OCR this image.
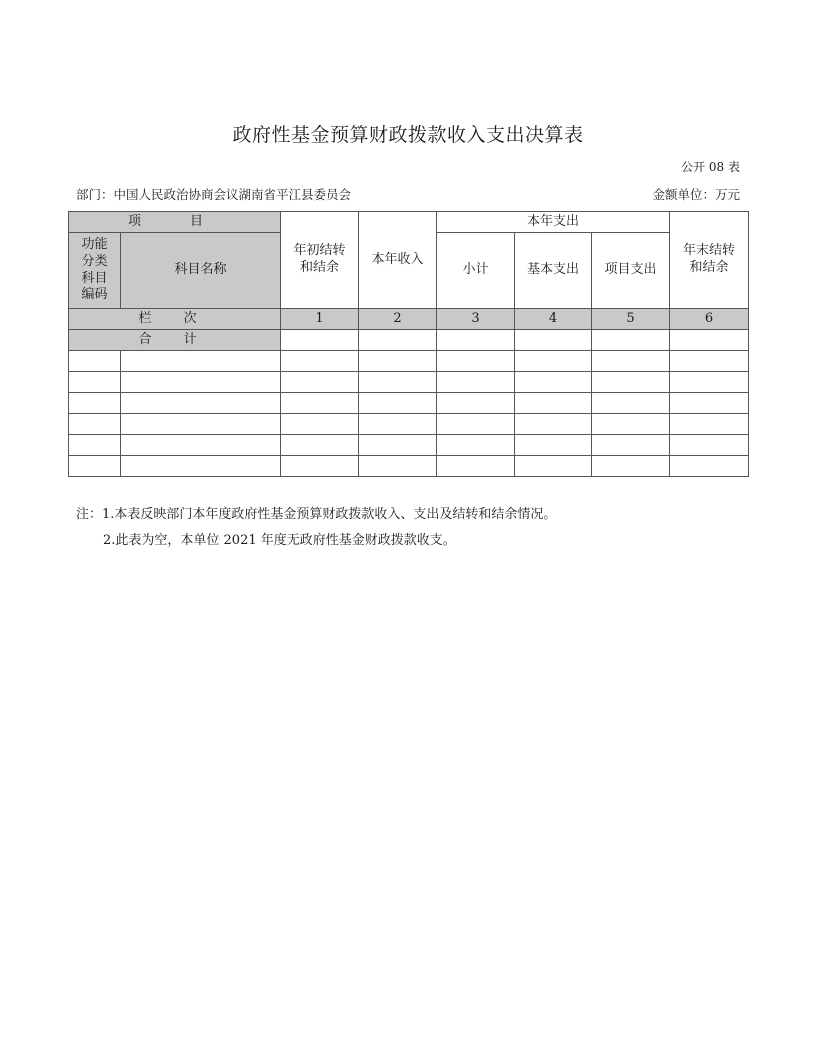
政府性基金预算财政拨款收入支出决算表
公开 08 表
部门：中国人民政治协商会议湖南省平江县委员会	金额单位：万元
项　目		年初结转和结余	本年收入	本年支出			年末结转和结余

功能分类科目编码	科目名称			小计	基本支出	项目支出	
栏 次		1	2	3	4	5	6
合 计							

注：1.本表反映部门本年度政府性基金预算财政拨款收入、支出及结转和结余情况。
2.此表为空，本单位 2021 年度无政府性基金财政拨款收支。
